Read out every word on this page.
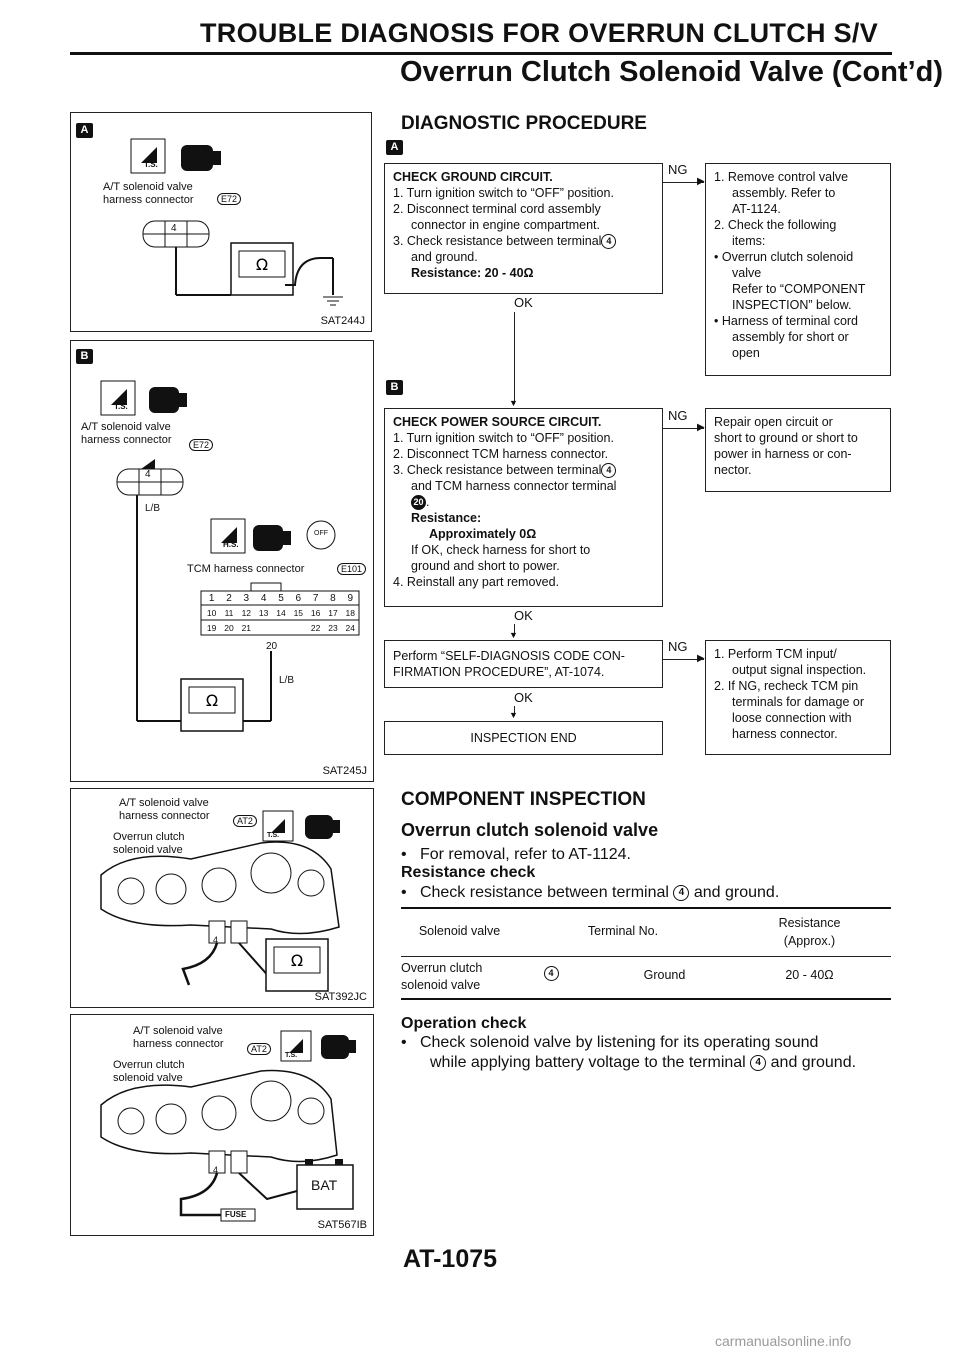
TROUBLE DIAGNOSIS FOR OVERRUN CLUTCH S/V
Overrun Clutch Solenoid Valve (Cont’d)
A
Ω
DISCONNECT
T.S.
A/T solenoid valve
harness connector	E72
4
SAT244J
B
Ω
DISCONNECT
T.S.
A/T solenoid valve
harness connector	E72
4
L/B
DISCONNECT
H.S.
OFF
TCM harness connector	E101
1	2	3	4	5	6	7	8	9
10 11 12 13 14 15 16 17 18
19 20 21	22 23 24
20
L/B
SAT245J
Ω
A/T solenoid valve
harness connector	AT2
DISCONNECT
T.S.
Overrun clutch
solenoid valve
4
SAT392JC
A/T solenoid valve
harness connector	AT2
DISCONNECT
T.S.
Overrun clutch
solenoid valve
4
FUSE
BAT
SAT567IB
DIAGNOSTIC PROCEDURE
A
CHECK GROUND CIRCUIT.
1. Turn ignition switch to “OFF” position.
2. Disconnect terminal cord assembly
connector in engine compartment.
3. Check resistance between terminal 4
and ground.
Resistance: 20 - 40Ω
OK
NG
▶ 1. Remove control valve
assembly. Refer to
AT-1124.
2. Check the following
items:
• Overrun clutch solenoid
valve
Refer to “COMPONENT
INSPECTION” below.
• Harness of terminal cord
assembly for short or
open
▼
B
CHECK POWER SOURCE CIRCUIT.
1. Turn ignition switch to “OFF” position.
2. Disconnect TCM harness connector.
3. Check resistance between terminal 4
and TCM harness connector terminal
20 .
Resistance:
Approximately 0Ω
If OK, check harness for short to
ground and short to power.
4. Reinstall any part removed.
OK
NG
▶ Repair open circuit or
short to ground or short to
power in harness or con-
nector.
▼
Perform “SELF-DIAGNOSIS CODE CON-
FIRMATION PROCEDURE”, AT-1074.
OK
NG
▶ 1. Perform TCM input/
output signal inspection.
2. If NG, recheck TCM pin
terminals for damage or
loose connection with
harness connector.
▼
INSPECTION END
COMPONENT INSPECTION
Overrun clutch solenoid valve
•   For removal, refer to AT-1124.
Resistance check
•   Check resistance between terminal 4 and ground.
Solenoid valve	Terminal No.
Resistance
(Approx.)
Overrun clutch
solenoid valve
4	Ground	20 - 40Ω
Operation check
•   Check solenoid valve by listening for its operating sound
while applying battery voltage to the terminal 4 and ground.
AT-1075
carmanualsonline.info
